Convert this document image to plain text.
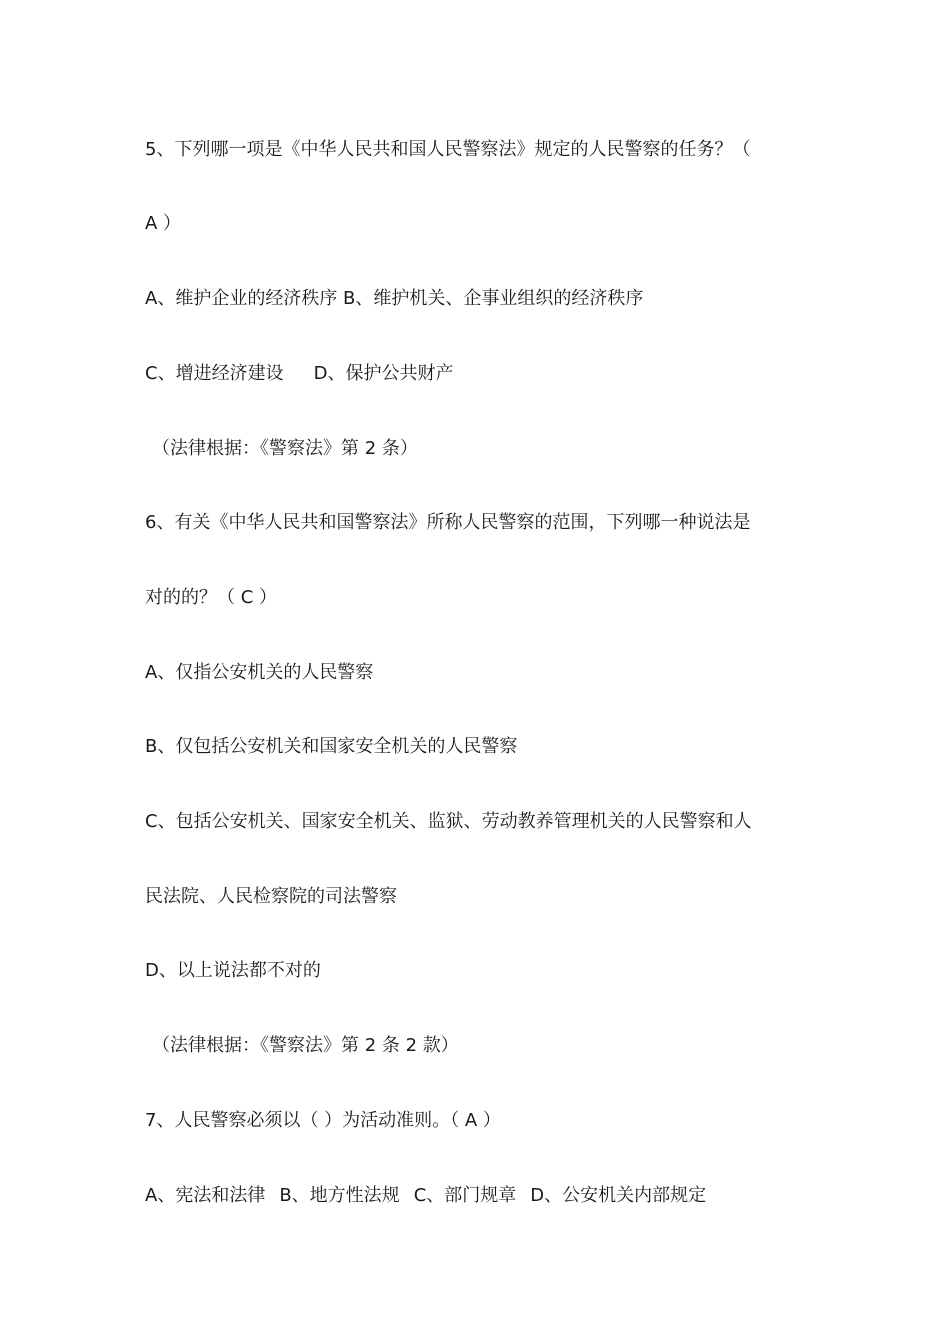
5、下列哪一项是《中华人民共和国人民警察法》规定的人民警察的任务？（
A ）
A、维护企业的经济秩序 B、维护机关、企事业组织的经济秩序
C、增进经济建设 D、保护公共财产
（法律根据：《警察法》第 2 条）
6、有关《中华人民共和国警察法》所称人民警察的范围，下列哪一种说法是
对的的？（ C ）
A、仅指公安机关的人民警察
B、仅包括公安机关和国家安全机关的人民警察
C、包括公安机关、国家安全机关、监狱、劳动教养管理机关的人民警察和人
民法院、人民检察院的司法警察
D、以上说法都不对的
（法律根据：《警察法》第 2 条 2 款）
7、人民警察必须以（ ）为活动准则。（ A ）
A、宪法和法律 B、地方性法规 C、部门规章 D、公安机关内部规定
